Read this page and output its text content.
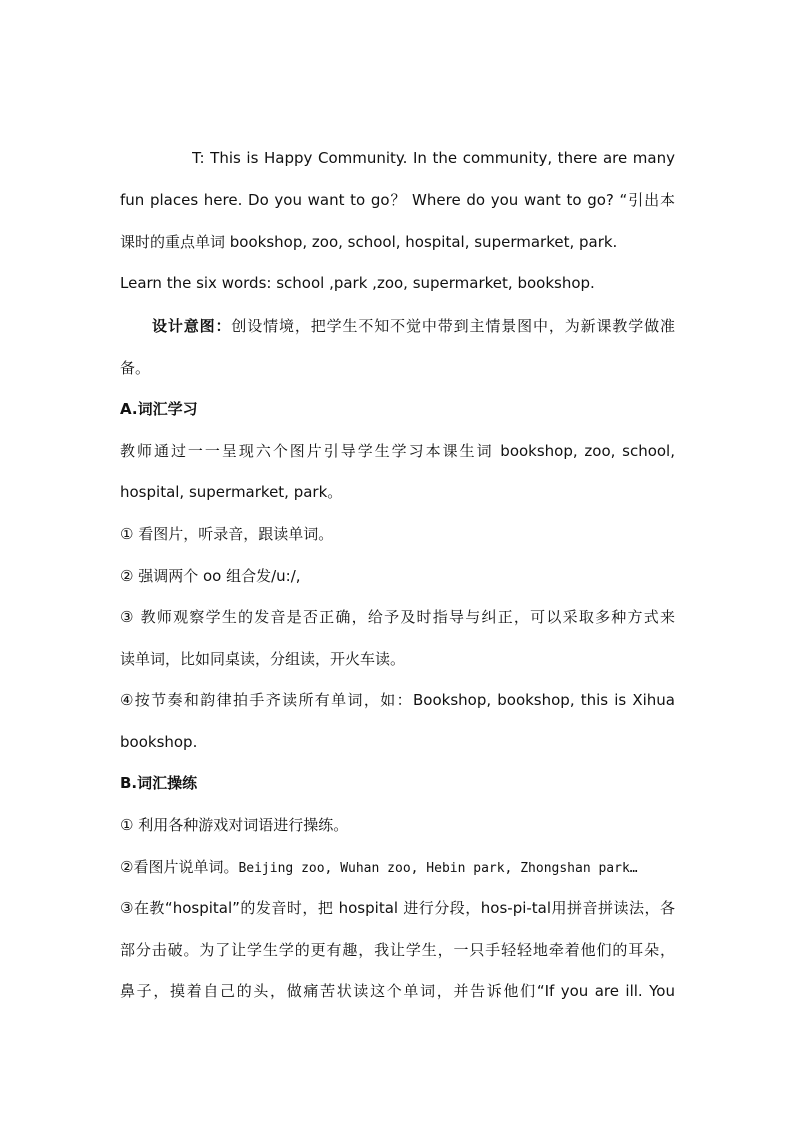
T: This is Happy Community. In the community, there are many
fun places here. Do you want to go？ Where do you want to go? “引出本
课时的重点单词 bookshop, zoo, school, hospital, supermarket, park.
Learn the six words: school ,park ,zoo, supermarket, bookshop.
设计意图：创设情境，把学生不知不觉中带到主情景图中，为新课教学做准
备。
A.词汇学习
教师通过一一呈现六个图片引导学生学习本课生词 bookshop, zoo, school,
hospital, supermarket, park。
① 看图片，听录音，跟读单词。
② 强调两个 oo 组合发/u:/,
③ 教师观察学生的发音是否正确，给予及时指导与纠正，可以采取多种方式来
读单词，比如同桌读，分组读，开火车读。
④按节奏和韵律拍手齐读所有单词，如：Bookshop, bookshop, this is Xihua
bookshop.
B.词汇操练
① 利用各种游戏对词语进行操练。
②看图片说单词。Beijing zoo, Wuhan zoo, Hebin park, Zhongshan park…
③在教“hospital”的发音时，把 hospital 进行分段，hos-pi-tal用拼音拼读法，各
部分击破。为了让学生学的更有趣，我让学生，一只手轻轻地牵着他们的耳朵，
鼻子，摸着自己的头，做痛苦状读这个单词，并告诉他们“If you are ill. You
